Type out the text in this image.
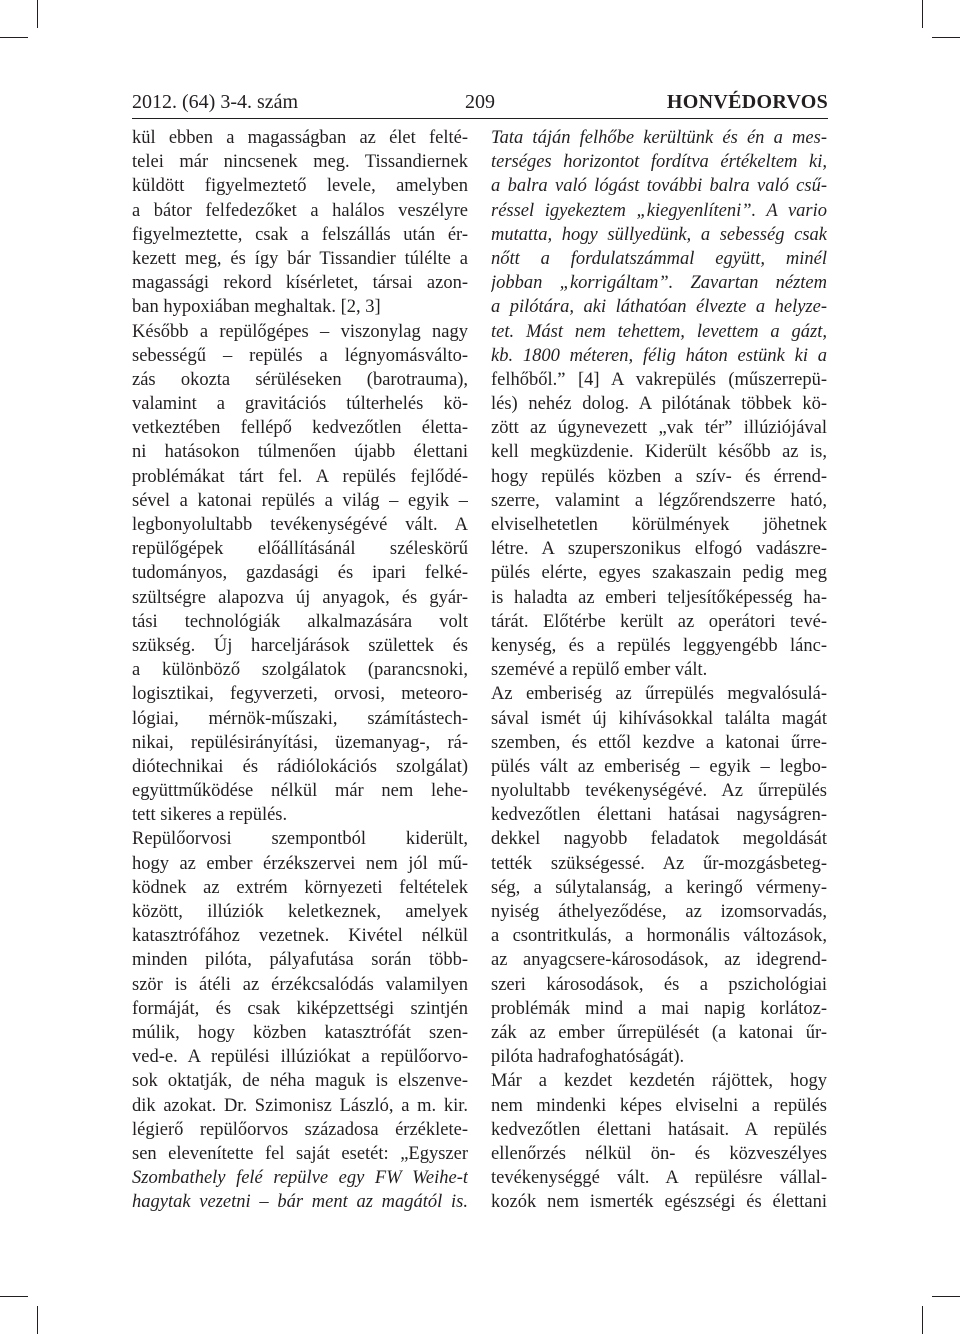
2012. (64) 3-4. szám	209	HONVÉDORVOS
kül ebben a magasságban az élet felté-
telei már nincsenek meg. Tissandiernek
küldött figyelmeztető levele, amelyben
a bátor felfedezőket a halálos veszélyre
figyelmeztette, csak a felszállás után ér-
kezett meg, és így bár Tissandier túlélte a
magassági rekord kísérletet, társai azon-
ban hypoxiában meghaltak. [2, 3]
Később a repülőgépes – viszonylag nagy
sebességű – repülés a légnyomásválto-
zás okozta sérüléseken (barotrauma),
valamint a gravitációs túlterhelés kö-
vetkeztében fellépő kedvezőtlen életta-
ni hatásokon túlmenően újabb élettani
problémákat tárt fel. A repülés fejlődé-
sével a katonai repülés a világ – egyik –
legbonyolultabb tevékenységévé vált. A
repülőgépek előállításánál széleskörű
tudományos, gazdasági és ipari felké-
szültségre alapozva új anyagok, és gyár-
tási technológiák alkalmazására volt
szükség. Új harceljárások születtek és
a különböző szolgálatok (parancsnoki,
logisztikai, fegyverzeti, orvosi, meteoro-
lógiai, mérnök-műszaki, számítástech-
nikai, repülésirányítási, üzemanyag-, rá-
diótechnikai és rádiólokációs szolgálat)
együttműködése nélkül már nem lehe-
tett sikeres a repülés.
Repülőorvosi szempontból kiderült,
hogy az ember érzékszervei nem jól mű-
ködnek az extrém környezeti feltételek
között, illúziók keletkeznek, amelyek
katasztrófához vezetnek. Kivétel nélkül
minden pilóta, pályafutása során több-
ször is átéli az érzékcsalódás valamilyen
formáját, és csak kiképzettségi szintjén
múlik, hogy közben katasztrófát szen-
ved-e. A repülési illúziókat a repülőorvo-
sok oktatják, de néha maguk is elszenve-
dik azokat. Dr. Szimonisz László, a m. kir.
légierő repülőorvos századosa érzéklete-
sen elevenítette fel saját esetét: „Egyszer
Szombathely felé repülve egy FW Weihe-t
hagytak vezetni – bár ment az magától is.
Tata táján felhőbe kerültünk és én a mes-
terséges horizontot fordítva értékeltem ki,
a balra való lógást további balra való csű-
réssel igyekeztem „kiegyenlíteni”. A vario
mutatta, hogy süllyedünk, a sebesség csak
nőtt a fordulatszámmal együtt, minél
jobban „korrigáltam”. Zavartan néztem
a pilótára, aki láthatóan élvezte a helyze-
tet. Mást nem tehettem, levettem a gázt,
kb. 1800 méteren, félig háton estünk ki a
felhőből.” [4] A vakrepülés (műszerrepü-
lés) nehéz dolog. A pilótának többek kö-
zött az úgynevezett „vak tér” illúziójával
kell megküzdenie. Kiderült később az is,
hogy repülés közben a szív- és érrend-
szerre, valamint a légzőrendszerre ható,
elviselhetetlen körülmények jöhetnek
létre. A szuperszonikus elfogó vadászre-
pülés elérte, egyes szakaszain pedig meg
is haladta az emberi teljesítőképesség ha-
tárát. Előtérbe került az operátori tevé-
kenység, és a repülés leggyengébb lánc-
szemévé a repülő ember vált.
Az emberiség az űrrepülés megvalósulá-
sával ismét új kihívásokkal találta magát
szemben, és ettől kezdve a katonai űrre-
pülés vált az emberiség – egyik – legbo-
nyolultabb tevékenységévé. Az űrrepülés
kedvezőtlen élettani hatásai nagyságren-
dekkel nagyobb feladatok megoldását
tették szükségessé. Az űr-mozgásbeteg-
ség, a súlytalanság, a keringő vérmeny-
nyiség áthelyeződése, az izomsorvadás,
a csontritkulás, a hormonális változások,
az anyagcsere-károsodások, az idegrend-
szeri károsodások, és a pszichológiai
problémák mind a mai napig korlátoz-
zák az ember űrrepülését (a katonai űr-
pilóta hadrafoghatóságát).
Már a kezdet kezdetén rájöttek, hogy
nem mindenki képes elviselni a repülés
kedvezőtlen élettani hatásait. A repülés
ellenőrzés nélkül ön- és közveszélyes
tevékenységgé vált. A repülésre vállal-
kozók nem ismerték egészségi és élettani
